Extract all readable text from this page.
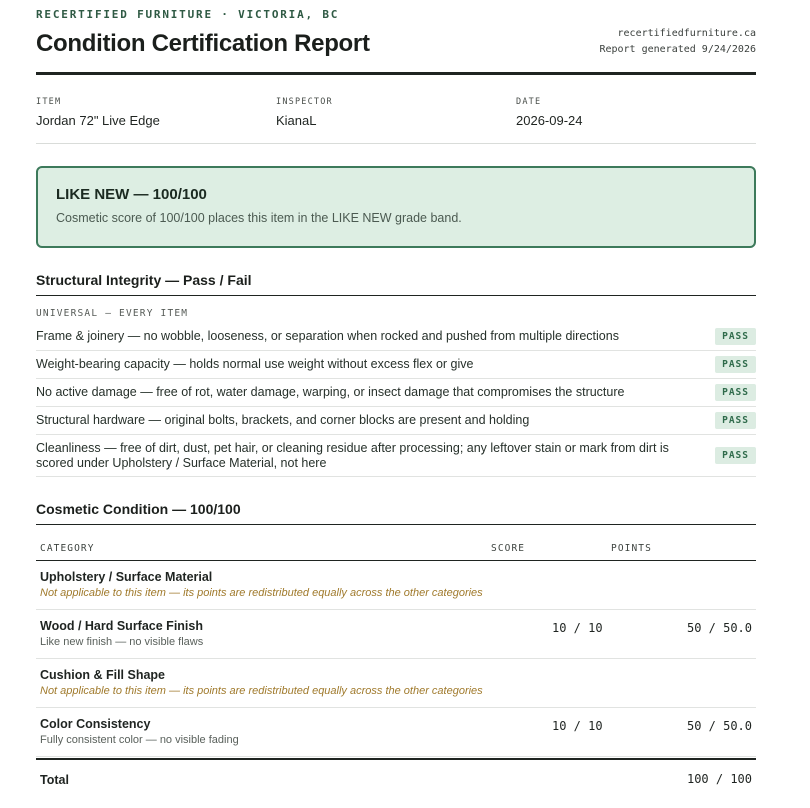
RECERTIFIED FURNITURE · VICTORIA, BC

Condition Certification Report	recertifiedfurniture.ca
Report generated 9/24/2026
ITEM
Jordan 72" Live Edge
INSPECTOR
KianaL
DATE
2026-09-24
LIKE NEW — 100/100
Cosmetic score of 100/100 places this item in the LIKE NEW grade band.
Structural Integrity — Pass / Fail
UNIVERSAL — EVERY ITEM
Frame & joinery — no wobble, looseness, or separation when rocked and pushed from multiple directions	PASS
Weight-bearing capacity — holds normal use weight without excess flex or give	PASS
No active damage — free of rot, water damage, warping, or insect damage that compromises the structure	PASS
Structural hardware — original bolts, brackets, and corner blocks are present and holding	PASS
Cleanliness — free of dirt, dust, pet hair, or cleaning residue after processing; any leftover stain or mark from dirt is scored under Upholstery / Surface Material, not here	PASS
Cosmetic Condition — 100/100
CATEGORY	SCORE	POINTS
Upholstery / Surface Material
Not applicable to this item — its points are redistributed equally across the other categories
Wood / Hard Surface Finish
Like new finish — no visible flaws
10 / 10	50 / 50.0
Cushion & Fill Shape
Not applicable to this item — its points are redistributed equally across the other categories
Color Consistency
Fully consistent color — no visible fading
10 / 10	50 / 50.0
Total	100 / 100
